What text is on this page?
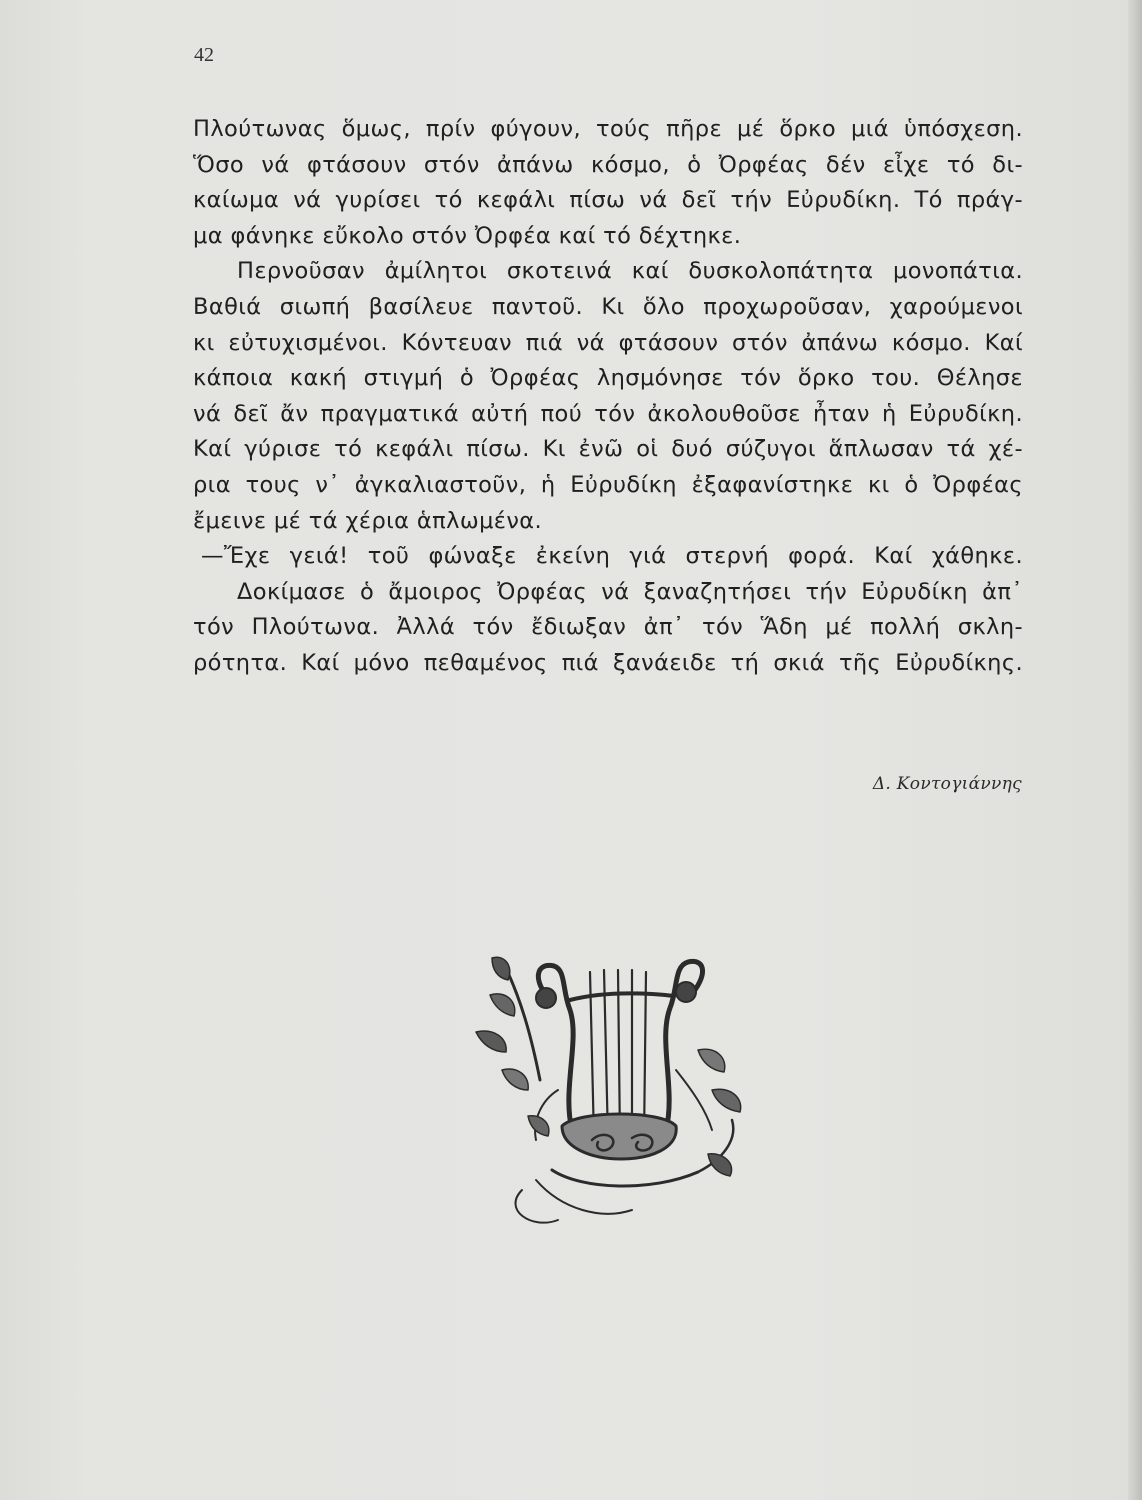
42
Πλούτωνας ὅμως, πρίν φύγουν, τούς πῆρε μέ ὅρκο μιά ὑπόσχεση.
Ὅσο νά φτάσουν στόν ἀπάνω κόσμο, ὁ Ὀρφέας δέν εἶχε τό δι-
καίωμα νά γυρίσει τό κεφάλι πίσω νά δεῖ τήν Εὐρυδίκη. Τό πράγ-
μα φάνηκε εὔκολο στόν Ὀρφέα καί τό δέχτηκε.
Περνοῦσαν ἀμίλητοι σκοτεινά καί δυσκολοπάτητα μονοπάτια.
Βαθιά σιωπή βασίλευε παντοῦ. Κι ὅλο προχωροῦσαν, χαρούμενοι
κι εὐτυχισμένοι. Κόντευαν πιά νά φτάσουν στόν ἀπάνω κόσμο. Καί
κάποια κακή στιγμή ὁ Ὀρφέας λησμόνησε τόν ὅρκο του. Θέλησε
νά δεῖ ἄν πραγματικά αὐτή πού τόν ἀκολουθοῦσε ἦταν ἡ Εὐρυδίκη.
Καί γύρισε τό κεφάλι πίσω. Κι ἐνῶ οἱ δυό σύζυγοι ἅπλωσαν τά χέ-
ρια τους ν᾿ ἀγκαλιαστοῦν, ἡ Εὐρυδίκη ἐξαφανίστηκε κι ὁ Ὀρφέας
ἔμεινε μέ τά χέρια ἁπλωμένα.
—Ἔχε γειά! τοῦ φώναξε ἐκείνη γιά στερνή φορά. Καί χάθηκε.
Δοκίμασε ὁ ἄμοιρος Ὀρφέας νά ξαναζητήσει τήν Εὐρυδίκη ἀπ᾿
τόν Πλούτωνα. Ἀλλά τόν ἔδιωξαν ἀπ᾿ τόν Ἅδη μέ πολλή σκλη-
ρότητα. Καί μόνο πεθαμένος πιά ξανάειδε τή σκιά τῆς Εὐρυδίκης.
Δ. Κοντογιάννης
